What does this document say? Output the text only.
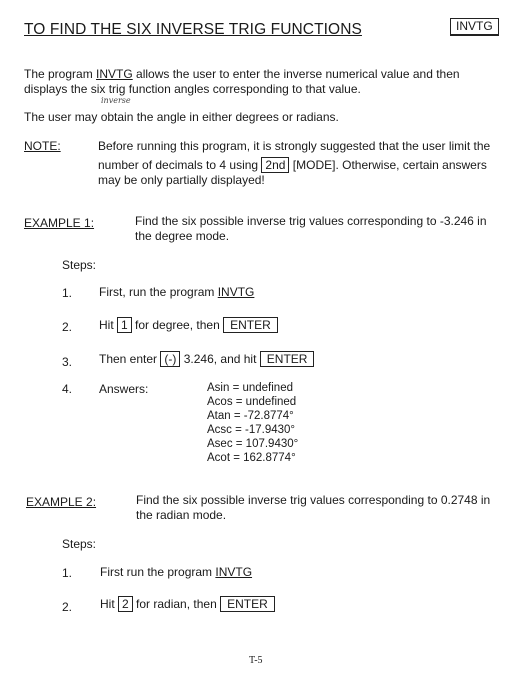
TO FIND THE SIX INVERSE TRIG FUNCTIONS	INVTG
The program INVTG allows the user to enter the inverse numerical value and then
displays the six trig function angles corresponding to that value.
inverse
The user may obtain the angle in either degrees or radians.
NOTE:	Before running this program, it is strongly suggested that the user limit the
number of decimals to 4 using 2nd [MODE]. Otherwise, certain answers
may be only partially displayed!
EXAMPLE 1:	Find the six possible inverse trig values corresponding to -3.246 in
the degree mode.
Steps:
1. First, run the program INVTG
2. Hit 1 for degree, then ENTER
3. Then enter (-) 3.246, and hit ENTER
4. Answers:	Asin = undefined
Acos = undefined
Atan = -72.8774°
Acsc = -17.9430°
Asec = 107.9430°
Acot = 162.8774°
EXAMPLE 2:	Find the six possible inverse trig values corresponding to 0.2748 in
the radian mode.
Steps:
1. First run the program INVTG
2. Hit 2 for radian, then ENTER
T-5
